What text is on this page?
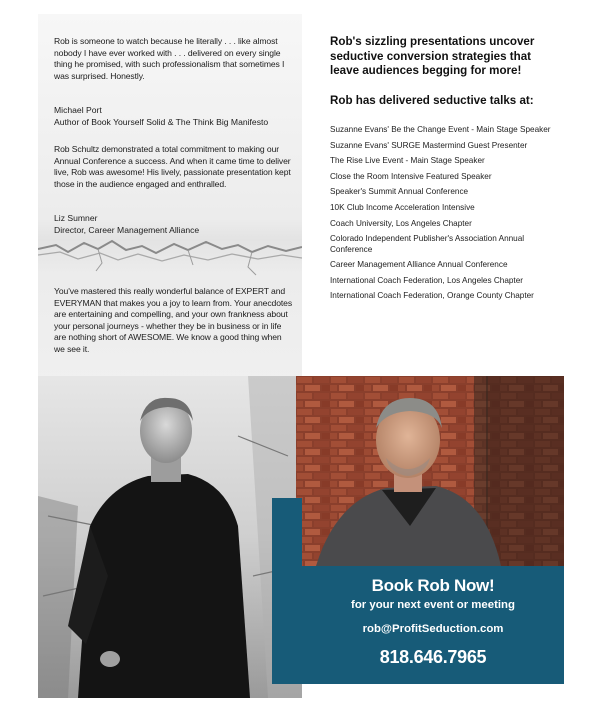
Rob is someone to watch because he literally . . . like almost nobody I have ever worked with . . . delivered on every single thing he promised, with such professionalism that sometimes I was surprised. Honestly.

Michael Port
Author of Book Yourself Solid & The Think Big Manifesto

Rob Schultz demonstrated a total commitment to making our Annual Conference a success. And when it came time to deliver live, Rob was awesome! His lively, passionate presentation kept those in the audience engaged and enthralled.

Liz Sumner
Director, Career Management Alliance

You've mastered this really wonderful balance of EXPERT and EVERYMAN that makes you a joy to learn from. Your anecdotes are entertaining and compelling, and your own frankness about your personal journeys - whether they be in business or in life are nothing short of AWESOME. We know a good thing when we see it.

Rob's sizzling presentations uncover seductive conversion strategies that leave audiences begging for more!
Rob has delivered seductive talks at:
Suzanne Evans' Be the Change Event - Main Stage Speaker
Suzanne Evans' SURGE Mastermind Guest Presenter
The Rise Live Event - Main Stage Speaker
Close the Room Intensive Featured Speaker
Speaker's Summit Annual Conference
10K Club Income Acceleration Intensive
Coach University, Los Angeles Chapter
Colorado Independent Publisher's Association Annual Conference
Career Management Alliance Annual Conference
International Coach Federation, Los Angeles Chapter
International Coach Federation, Orange County Chapter
Book Rob Now!
for your next event or meeting
rob@ProfitSeduction.com
818.646.7965
